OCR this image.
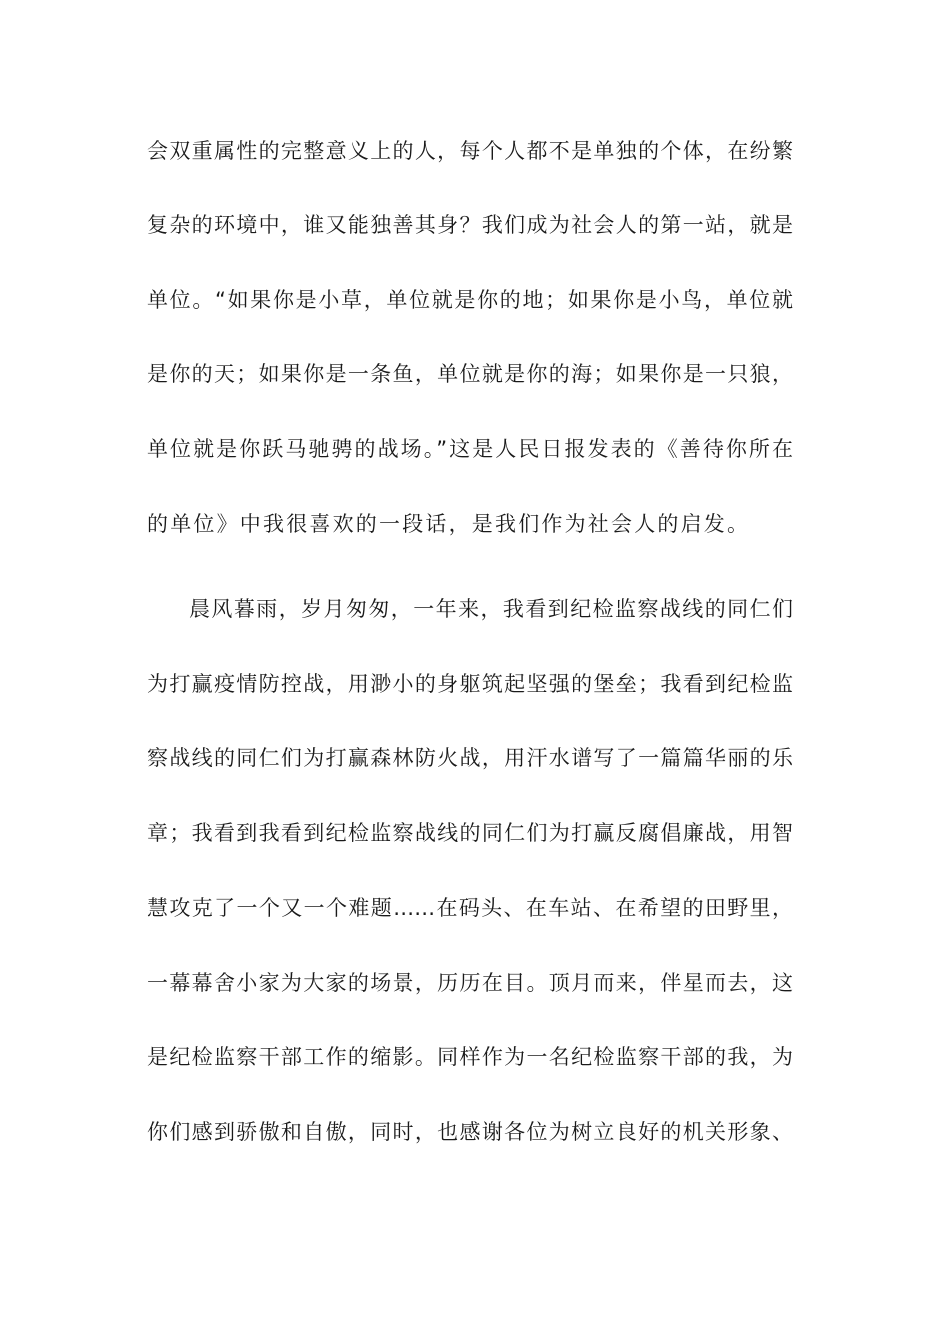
会双重属性的完整意义上的人，每个人都不是单独的个体，在纷繁
复杂的环境中，谁又能独善其身？我们成为社会人的第一站，就是
单位。“如果你是小草，单位就是你的地；如果你是小鸟，单位就
是你的天；如果你是一条鱼，单位就是你的海；如果你是一只狼，
单位就是你跃马驰骋的战场。”这是人民日报发表的《善待你所在
的单位》中我很喜欢的一段话，是我们作为社会人的启发。
晨风暮雨，岁月匆匆，一年来，我看到纪检监察战线的同仁们
为打赢疫情防控战，用渺小的身躯筑起坚强的堡垒；我看到纪检监
察战线的同仁们为打赢森林防火战，用汗水谱写了一篇篇华丽的乐
章；我看到我看到纪检监察战线的同仁们为打赢反腐倡廉战，用智
慧攻克了一个又一个难题……在码头、在车站、在希望的田野里，
一幕幕舍小家为大家的场景，历历在目。顶月而来，伴星而去，这
是纪检监察干部工作的缩影。同样作为一名纪检监察干部的我，为
你们感到骄傲和自傲，同时，也感谢各位为树立良好的机关形象、
